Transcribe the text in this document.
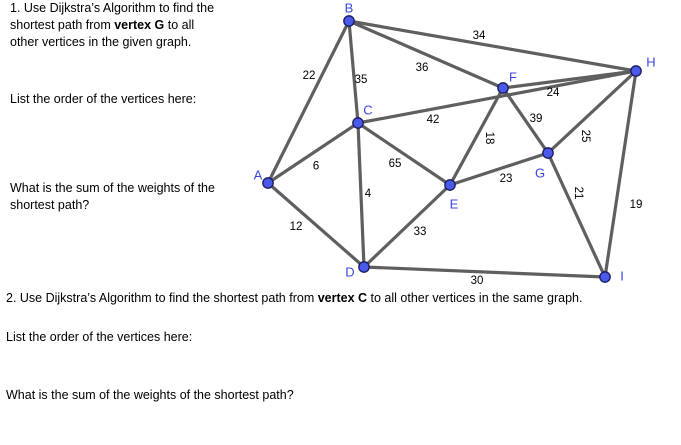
1. Use Dijkstra’s Algorithm to find the
shortest path from vertex G to all
other vertices in the given graph.
List the order of the vertices here:
What is the sum of the weights of the
shortest path?
2. Use Dijkstra’s Algorithm to find the shortest path from vertex C to all other vertices in the same graph.
List the order of the vertices here:
What is the sum of the weights of the shortest path?
22
9
12
35
36
34
4
65
42
33
30
18
23
39
25
21
19
24
A
B
C
D
E
F
G
H
I
